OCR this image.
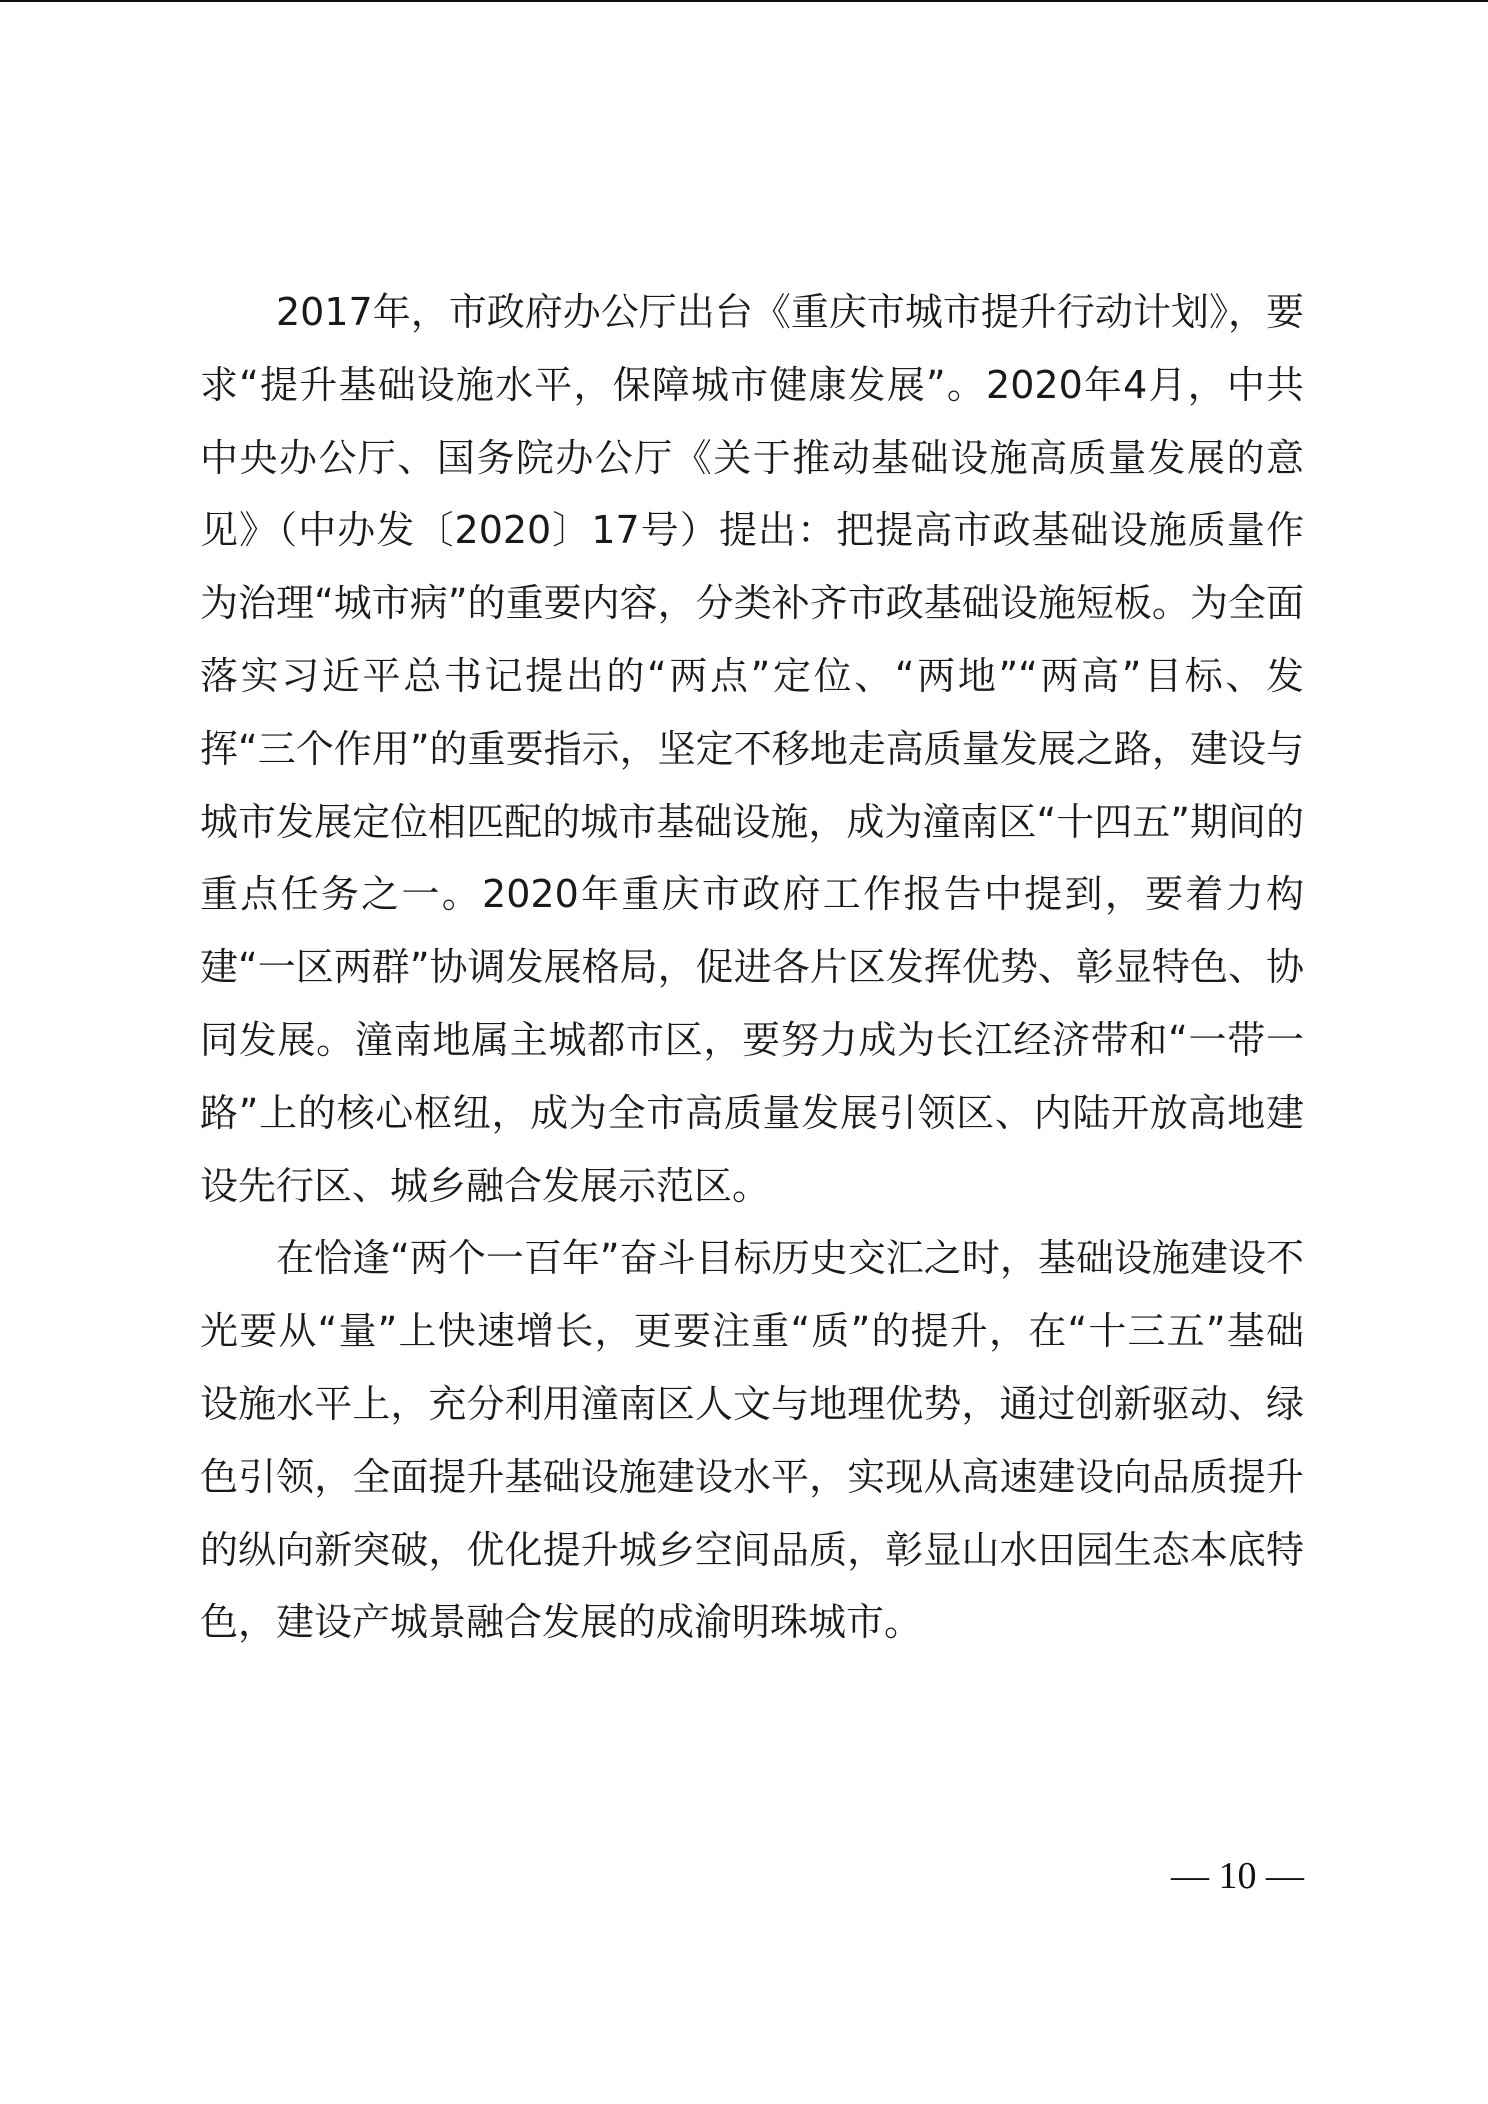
2017年，市政府办公厅出台《重庆市城市提升行动计划》，要求“提升基础设施水平，保障城市健康发展”。2020年4月，中共中央办公厅、国务院办公厅《关于推动基础设施高质量发展的意见》（中办发〔2020〕17号）提出：把提高市政基础设施质量作为治理“城市病”的重要内容，分类补齐市政基础设施短板。为全面落实习近平总书记提出的“两点”定位、“两地”“两高”目标、发挥“三个作用”的重要指示，坚定不移地走高质量发展之路，建设与城市发展定位相匹配的城市基础设施，成为潼南区“十四五”期间的重点任务之一。2020年重庆市政府工作报告中提到，要着力构建“一区两群”协调发展格局，促进各片区发挥优势、彰显特色、协同发展。潼南地属主城都市区，要努力成为长江经济带和“一带一路”上的核心枢纽，成为全市高质量发展引领区、内陆开放高地建设先行区、城乡融合发展示范区。

在恰逢“两个一百年”奋斗目标历史交汇之时，基础设施建设不光要从“量”上快速增长，更要注重“质”的提升，在“十三五”基础设施水平上，充分利用潼南区人文与地理优势，通过创新驱动、绿色引领，全面提升基础设施建设水平，实现从高速建设向品质提升的纵向新突破，优化提升城乡空间品质，彰显山水田园生态本底特色，建设产城景融合发展的成渝明珠城市。

— 10 —
